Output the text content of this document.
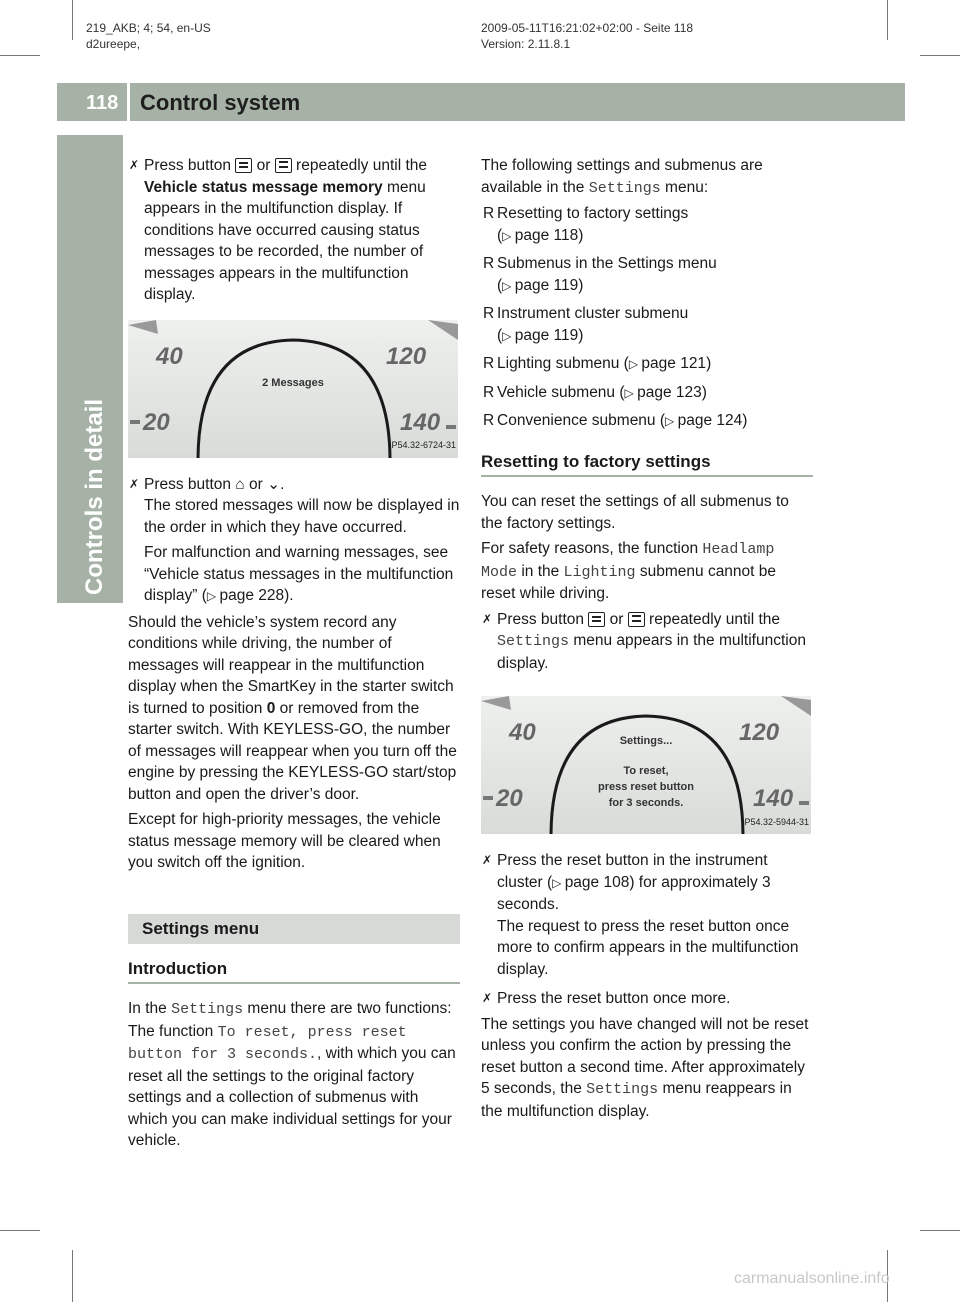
219_AKB; 4; 54, en-US
d2ureepe,
2009-05-11T16:21:02+02:00 - Seite 118
Version: 2.11.8.1
118 Control system
Controls in detail
✗ Press button  or  repeatedly until the Vehicle status message memory menu appears in the multifunction display. If conditions have occurred causing status messages to be recorded, the number of messages appears in the multifunction display.
40
20
120
140
2 Messages
P54.32-6724-31
✗ Press button ⌂ or ⌄.
The stored messages will now be displayed in the order in which they have occurred.

For malfunction and warning messages, see “Vehicle status messages in the multifunction display” (▷ page 228).

Should the vehicle’s system record any conditions while driving, the number of messages will reappear in the multifunction display when the SmartKey in the starter switch is turned to position 0 or removed from the starter switch. With KEYLESS-GO, the number of messages will reappear when you turn off the engine by pressing the KEYLESS-GO start/stop button and open the driver’s door.

Except for high-priority messages, the vehicle status message memory will be cleared when you switch off the ignition.

Settings menu
Introduction

In the Settings menu there are two functions: The function To reset, press reset button for 3 seconds., with which you can reset all the settings to the original factory settings and a collection of submenus with which you can make individual settings for your vehicle.

The following settings and submenus are available in the Settings menu:

R Resetting to factory settings
(▷ page 118)
R Submenus in the Settings menu
(▷ page 119)
R Instrument cluster submenu
(▷ page 119)
R Lighting submenu (▷ page 121)
R Vehicle submenu (▷ page 123)
R Convenience submenu (▷ page 124)
Resetting to factory settings

You can reset the settings of all submenus to the factory settings.

For safety reasons, the function Headlamp Mode in the Lighting submenu cannot be reset while driving.

✗ Press button  or  repeatedly until the Settings menu appears in the multifunction display.
40
20
120
140
Settings...
To reset,
press reset button
for 3 seconds.
P54.32-5944-31
✗ Press the reset button in the instrument cluster (▷ page 108) for approximately 3 seconds.
The request to press the reset button once more to confirm appears in the multifunction display.
✗ Press the reset button once more.

The settings you have changed will not be reset unless you confirm the action by pressing the reset button a second time. After approximately 5 seconds, the Settings menu reappears in the multifunction display.

carmanualsonline.info
